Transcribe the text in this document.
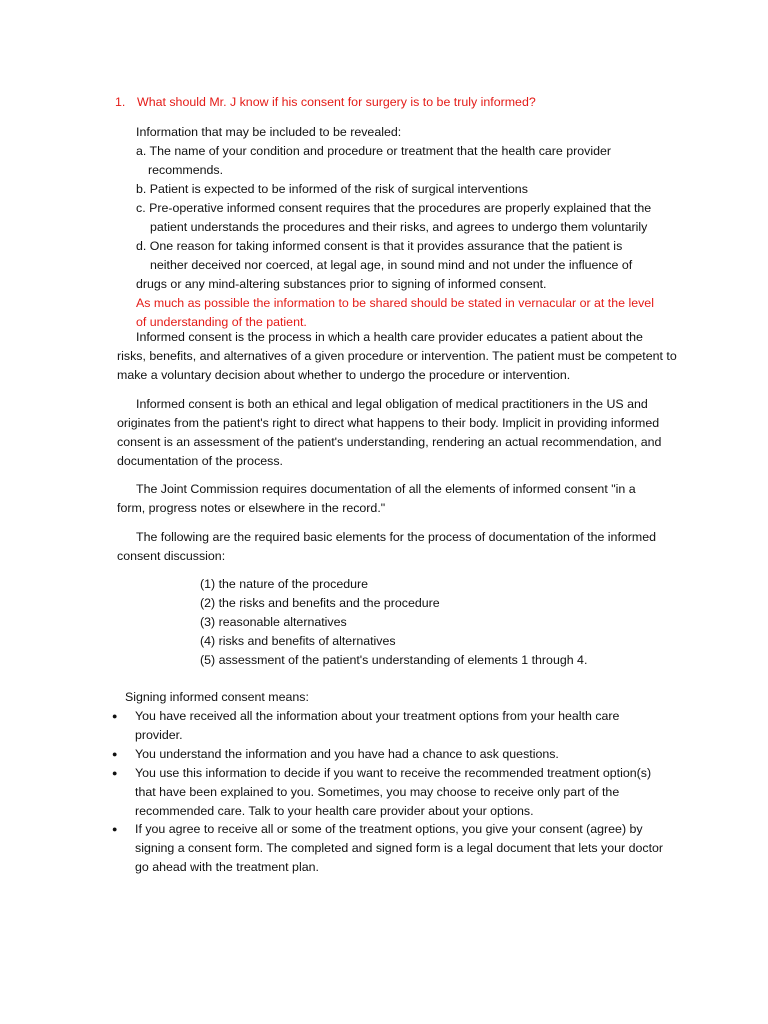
1. What should Mr. J know if his consent for surgery is to be truly informed?

Information that may be included to be revealed:
a. The name of your condition and procedure or treatment that the health care provider
recommends.
b. Patient is expected to be informed of the risk of surgical interventions
c. Pre-operative informed consent requires that the procedures are properly explained that the
patient understands the procedures and their risks, and agrees to undergo them voluntarily
d. One reason for taking informed consent is that it provides assurance that the patient is
neither deceived nor coerced, at legal age, in sound mind and not under the influence of
drugs or any mind-altering substances prior to signing of informed consent.
As much as possible the information to be shared should be stated in vernacular or at the level
of understanding of the patient.
Informed consent is the process in which a health care provider educates a patient about the
risks, benefits, and alternatives of a given procedure or intervention. The patient must be competent to
make a voluntary decision about whether to undergo the procedure or intervention.
Informed consent is both an ethical and legal obligation of medical practitioners in the US and
originates from the patient's right to direct what happens to their body. Implicit in providing informed
consent is an assessment of the patient's understanding, rendering an actual recommendation, and
documentation of the process.
The Joint Commission requires documentation of all the elements of informed consent "in a
form, progress notes or elsewhere in the record."
The following are the required basic elements for the process of documentation of the informed
consent discussion:
(1) the nature of the procedure
(2) the risks and benefits and the procedure
(3) reasonable alternatives
(4) risks and benefits of alternatives
(5) assessment of the patient's understanding of elements 1 through 4.
Signing informed consent means:
● You have received all the information about your treatment options from your health care
provider.
● You understand the information and you have had a chance to ask questions.
● You use this information to decide if you want to receive the recommended treatment option(s)
that have been explained to you. Sometimes, you may choose to receive only part of the
recommended care. Talk to your health care provider about your options.
● If you agree to receive all or some of the treatment options, you give your consent (agree) by
signing a consent form. The completed and signed form is a legal document that lets your doctor
go ahead with the treatment plan.
